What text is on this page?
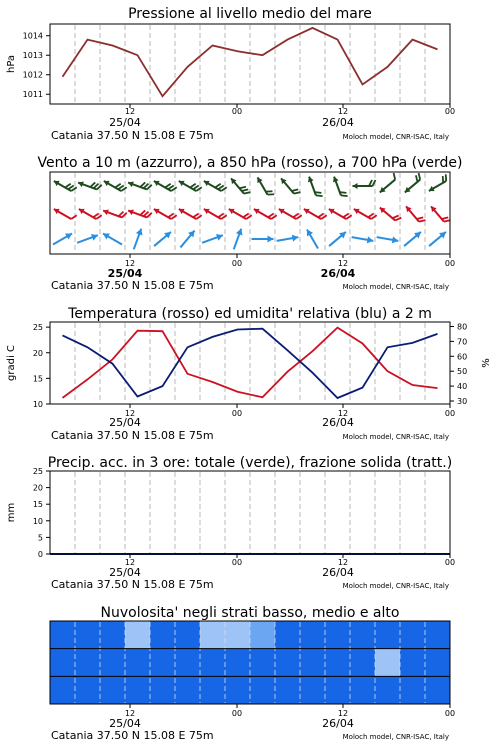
Pressione al livello medio del mare
1011
1012
1013
1014
12	00	12	00
25/04	26/04
Catania 37.50 N 15.08 E 75m	Moloch model, CNR-ISAC, Italy
hPa
Vento a 10 m (azzurro), a 850 hPa (rosso), a 700 hPa (verde)
12	00	12	00
25/04	26/04
Catania 37.50 N 15.08 E 75m	Moloch model, CNR-ISAC, Italy
Temperatura (rosso) ed umidita' relativa (blu) a 2 m
10
15
20
25
30
40
50
60
70
80
12	00	12	00
25/04	26/04
Catania 37.50 N 15.08 E 75m	Moloch model, CNR-ISAC, Italy
gradi C	%
Precip. acc. in 3 ore: totale (verde), frazione solida (tratt.)
0
5
10
15
20
25
12	00	12	00
25/04	26/04
Catania 37.50 N 15.08 E 75m	Moloch model, CNR-ISAC, Italy
mm
Nuvolosita' negli strati basso, medio e alto
12	00	12	00
25/04	26/04
Catania 37.50 N 15.08 E 75m	Moloch model, CNR-ISAC, Italy
